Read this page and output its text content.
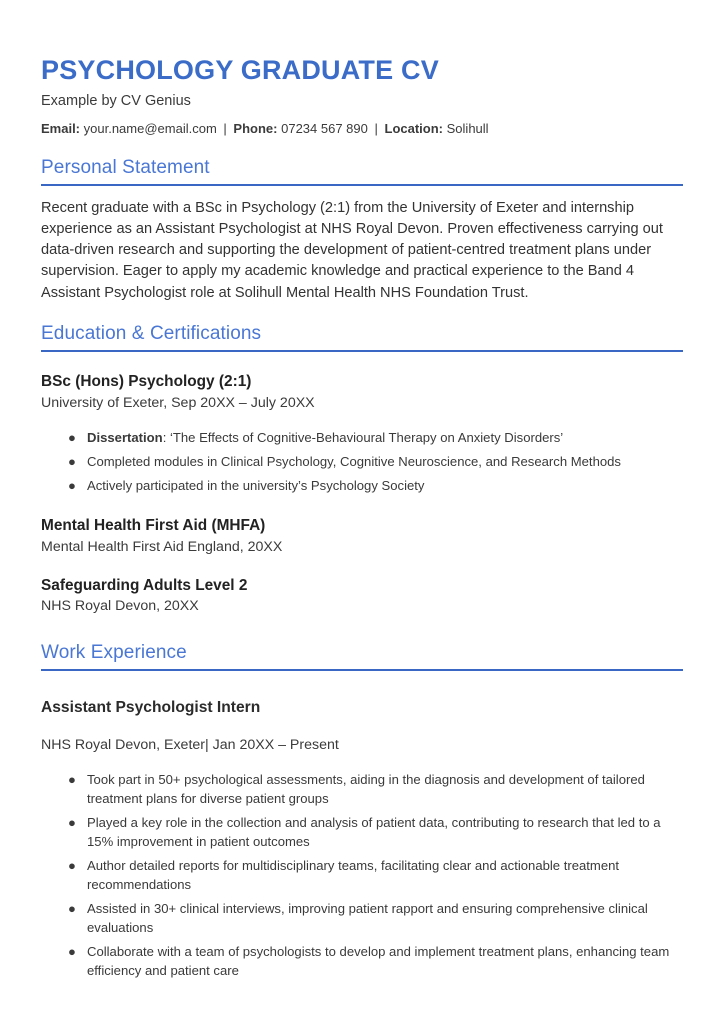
PSYCHOLOGY GRADUATE CV
Example by CV Genius
Email: your.name@email.com | Phone: 07234 567 890 | Location: Solihull
Personal Statement

Recent graduate with a BSc in Psychology (2:1) from the University of Exeter and internship experience as an Assistant Psychologist at NHS Royal Devon. Proven effectiveness carrying out data-driven research and supporting the development of patient-centred treatment plans under supervision. Eager to apply my academic knowledge and practical experience to the Band 4 Assistant Psychologist role at Solihull Mental Health NHS Foundation Trust.

Education & Certifications
BSc (Hons) Psychology (2:1)
University of Exeter, Sep 20XX – July 20XX
● Dissertation: ‘The Effects of Cognitive-Behavioural Therapy on Anxiety Disorders’
● Completed modules in Clinical Psychology, Cognitive Neuroscience, and Research Methods
● Actively participated in the university’s Psychology Society
Mental Health First Aid (MHFA)
Mental Health First Aid England, 20XX
Safeguarding Adults Level 2
NHS Royal Devon, 20XX
Work Experience
Assistant Psychologist Intern
NHS Royal Devon, Exeter| Jan 20XX – Present
● Took part in 50+ psychological assessments, aiding in the diagnosis and development of tailored treatment plans for diverse patient groups
● Played a key role in the collection and analysis of patient data, contributing to research that led to a 15% improvement in patient outcomes
● Author detailed reports for multidisciplinary teams, facilitating clear and actionable treatment recommendations
● Assisted in 30+ clinical interviews, improving patient rapport and ensuring comprehensive clinical evaluations
● Collaborate with a team of psychologists to develop and implement treatment plans, enhancing team efficiency and patient care
